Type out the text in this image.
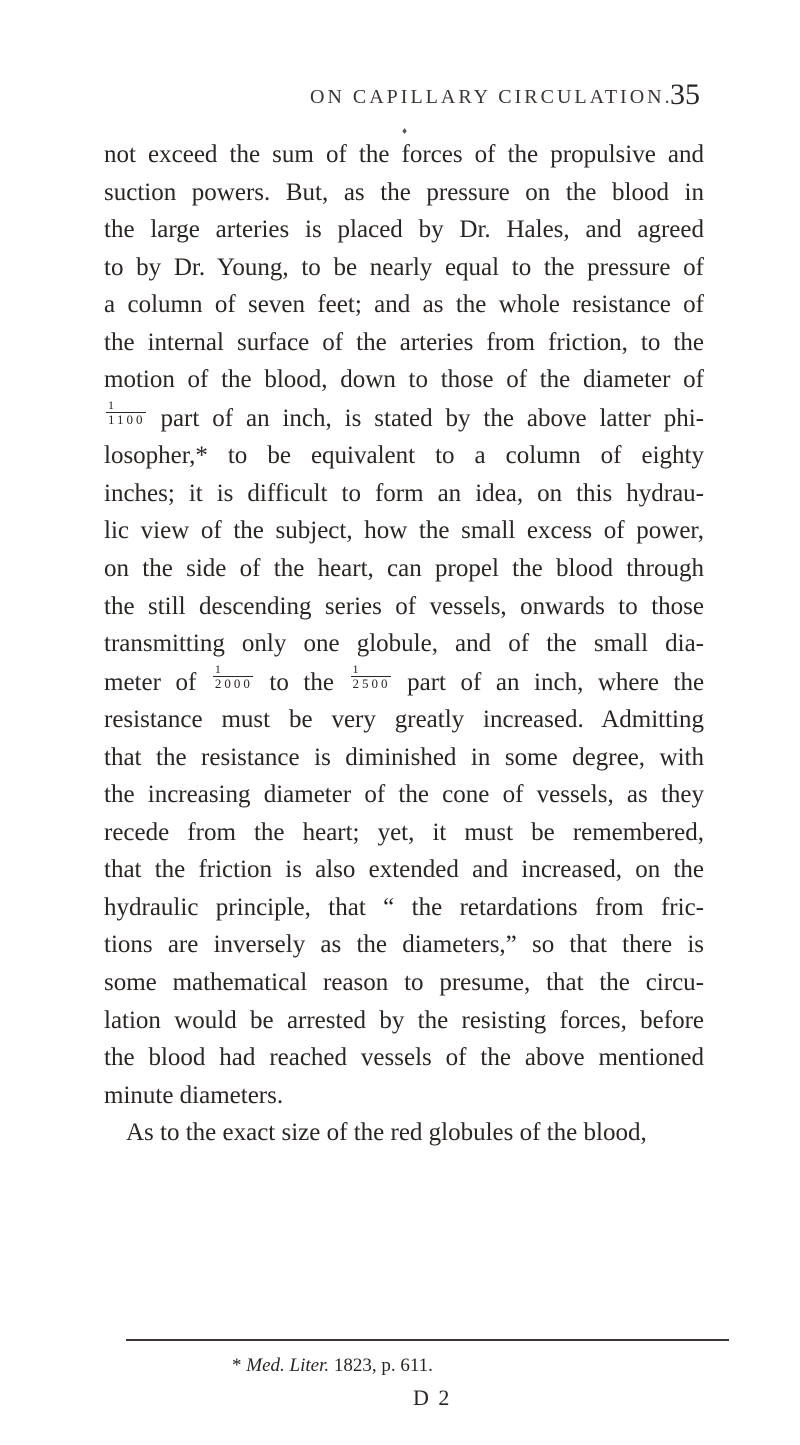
ON CAPILLARY CIRCULATION.
35
♦
not exceed the sum of the forces of the propulsive and
suction powers. But, as the pressure on the blood in
the large arteries is placed by Dr. Hales, and agreed
to by Dr. Young, to be nearly equal to the pressure of
a column of seven feet; and as the whole resistance of
the internal surface of the arteries from friction, to the
motion of the blood, down to those of the diameter of
$\frac{1}{1100}$ part of an inch, is stated by the above latter phi-
losopher,* to be equivalent to a column of eighty
inches; it is difficult to form an idea, on this hydrau-
lic view of the subject, how the small excess of power,
on the side of the heart, can propel the blood through
the still descending series of vessels, onwards to those
transmitting only one globule, and of the small dia-
meter of $\frac{1}{2000}$ to the $\frac{1}{2500}$ part of an inch, where the
resistance must be very greatly increased. Admitting
that the resistance is diminished in some degree, with
the increasing diameter of the cone of vessels, as they
recede from the heart; yet, it must be remembered,
that the friction is also extended and increased, on the
hydraulic principle, that “ the retardations from fric-
tions are inversely as the diameters,” so that there is
some mathematical reason to presume, that the circu-
lation would be arrested by the resisting forces, before
the blood had reached vessels of the above mentioned
minute diameters.
As to the exact size of the red globules of the blood,
* Med. Liter. 1823, p. 611.
D 2
